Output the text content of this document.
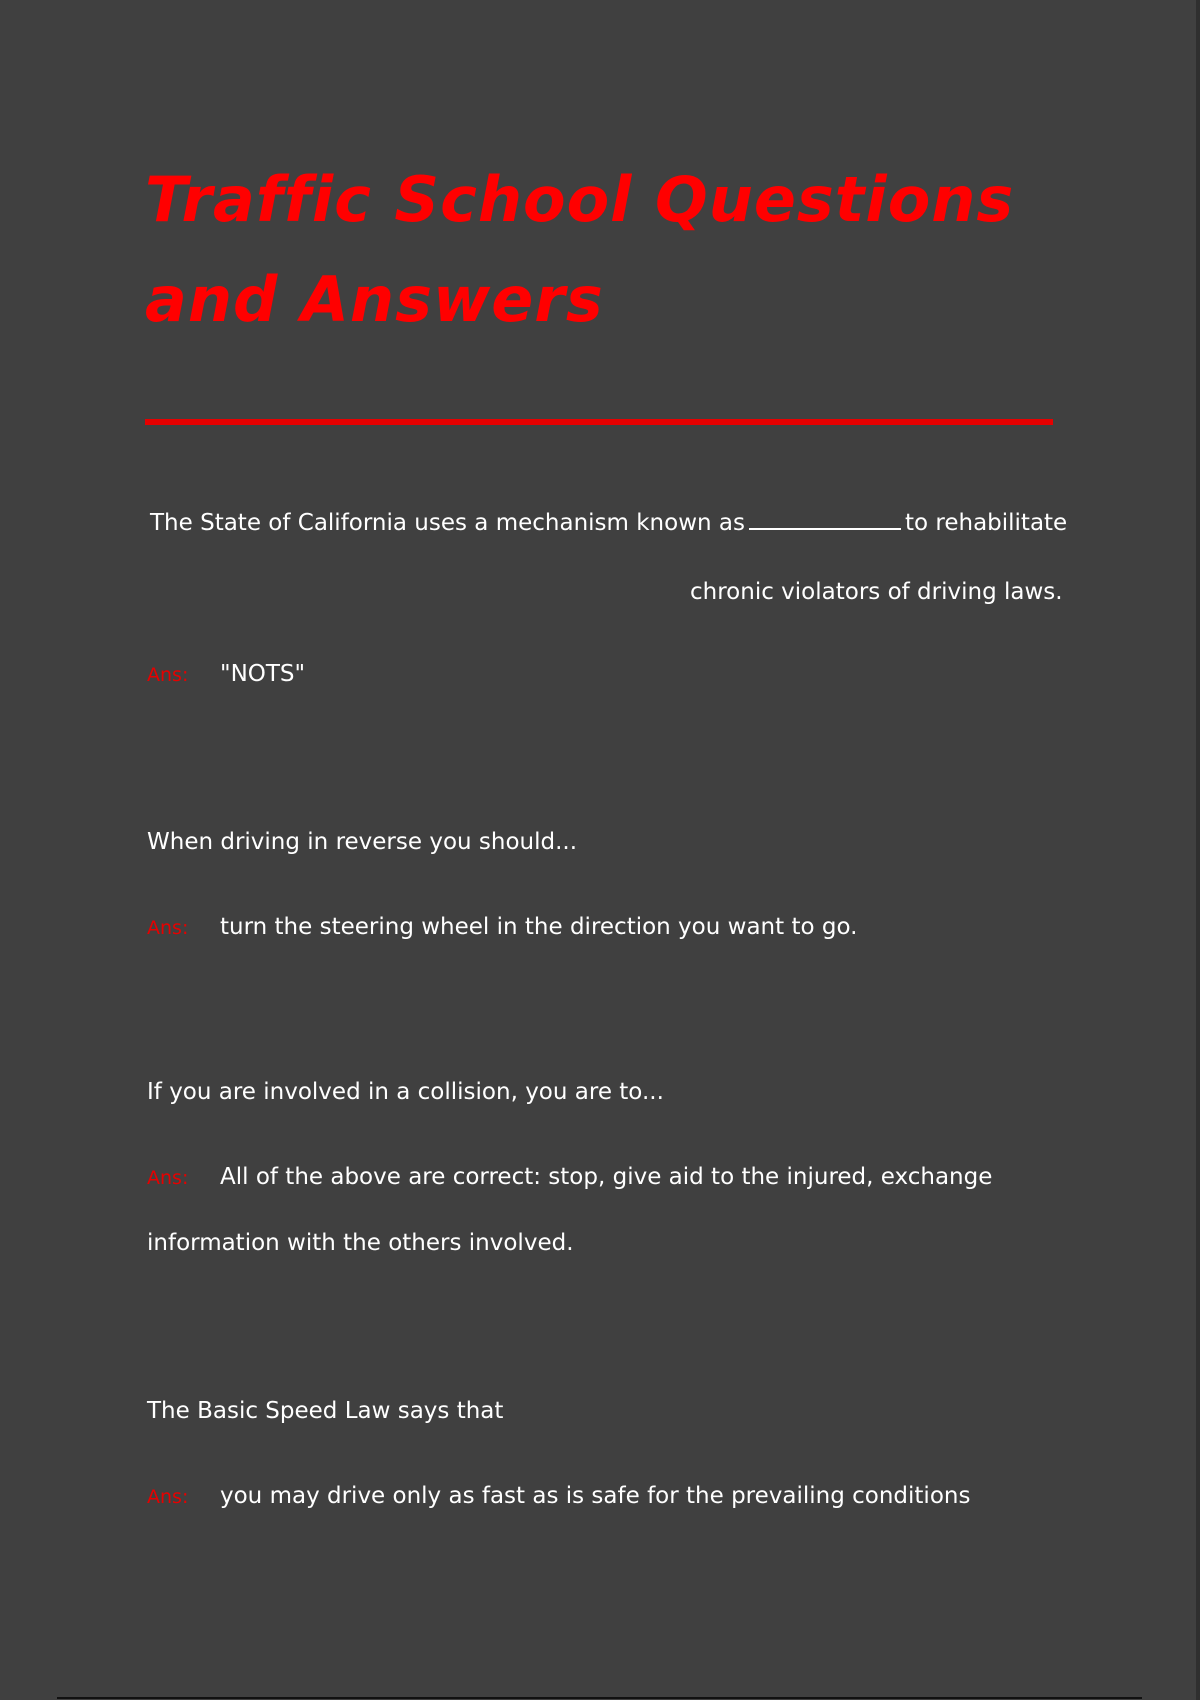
Traffic School Questions and Answers
The State of California uses a mechanism known as	to rehabilitate
chronic violators of driving laws.
Ans: "NOTS"
When driving in reverse you should...
Ans: turn the steering wheel in the direction you want to go.
If you are involved in a collision, you are to...
Ans: All of the above are correct: stop, give aid to the injured, exchange
information with the others involved.
The Basic Speed Law says that
Ans: you may drive only as fast as is safe for the prevailing conditions
